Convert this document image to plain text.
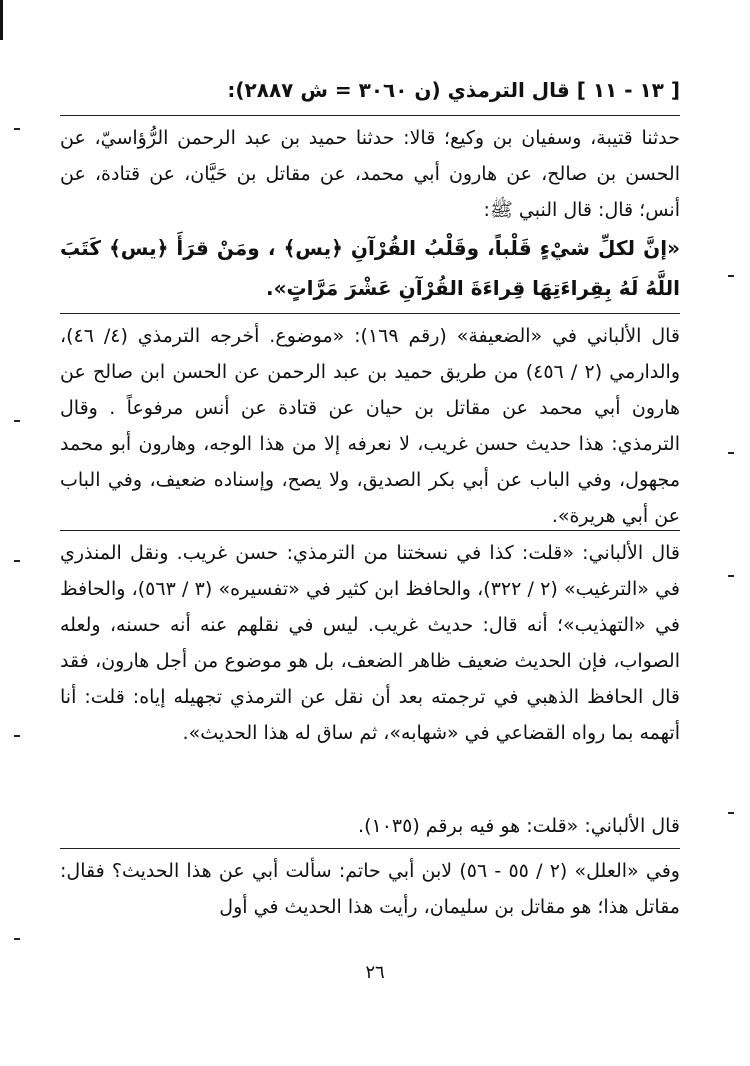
[ ١٣ - ١١ ] قال الترمذي (ن ٣٠٦٠ = ش ٢٨٨٧):
حدثنا قتيبة، وسفيان بن وكيع؛ قالا: حدثنا حميد بن عبد الرحمن الرُّؤاسيّ، عن الحسن بن صالح، عن هارون أبي محمد، عن مقاتل بن حَيَّان، عن قتادة، عن أنس؛ قال: قال النبي ﷺ:
«إنَّ لكلِّ شيْءٍ قَلْباً، وقَلْبُ القُرْآنِ ﴿يس﴾ ، ومَنْ قرَأَ ﴿يس﴾ كَتَبَ اللَّهُ لَهُ بِقِراءَتِهَا قِراءَةَ القُرْآنِ عَشْرَ مَرَّاتٍ».
قال الألباني في «الضعيفة» (رقم ١٦٩): «موضوع. أخرجه الترمذي (٤/ ٤٦)، والدارمي (٢ / ٤٥٦) من طريق حميد بن عبد الرحمن عن الحسن ابن صالح عن هارون أبي محمد عن مقاتل بن حيان عن قتادة عن أنس مرفوعاً . وقال الترمذي: هذا حديث حسن غريب، لا نعرفه إلا من هذا الوجه، وهارون أبو محمد مجهول، وفي الباب عن أبي بكر الصديق، ولا يصح، وإسناده ضعيف، وفي الباب عن أبي هريرة».
قال الألباني: «قلت: كذا في نسختنا من الترمذي: حسن غريب. ونقل المنذري في «الترغيب» (٢ / ٣٢٢)، والحافظ ابن كثير في «تفسيره» (٣ / ٥٦٣)، والحافظ في «التهذيب»؛ أنه قال: حديث غريب. ليس في نقلهم عنه أنه حسنه، ولعله الصواب، فإن الحديث ضعيف ظاهر الضعف، بل هو موضوع من أجل هارون، فقد قال الحافظ الذهبي في ترجمته بعد أن نقل عن الترمذي تجهيله إياه: قلت: أنا أتهمه بما رواه القضاعي في «شهابه»، ثم ساق له هذا الحديث».
قال الألباني: «قلت: هو فيه برقم (١٠٣٥).
وفي «العلل» (٢ / ٥٥ - ٥٦) لابن أبي حاتم: سألت أبي عن هذا الحديث؟ فقال: مقاتل هذا؛ هو مقاتل بن سليمان، رأيت هذا الحديث في أول
٢٦
